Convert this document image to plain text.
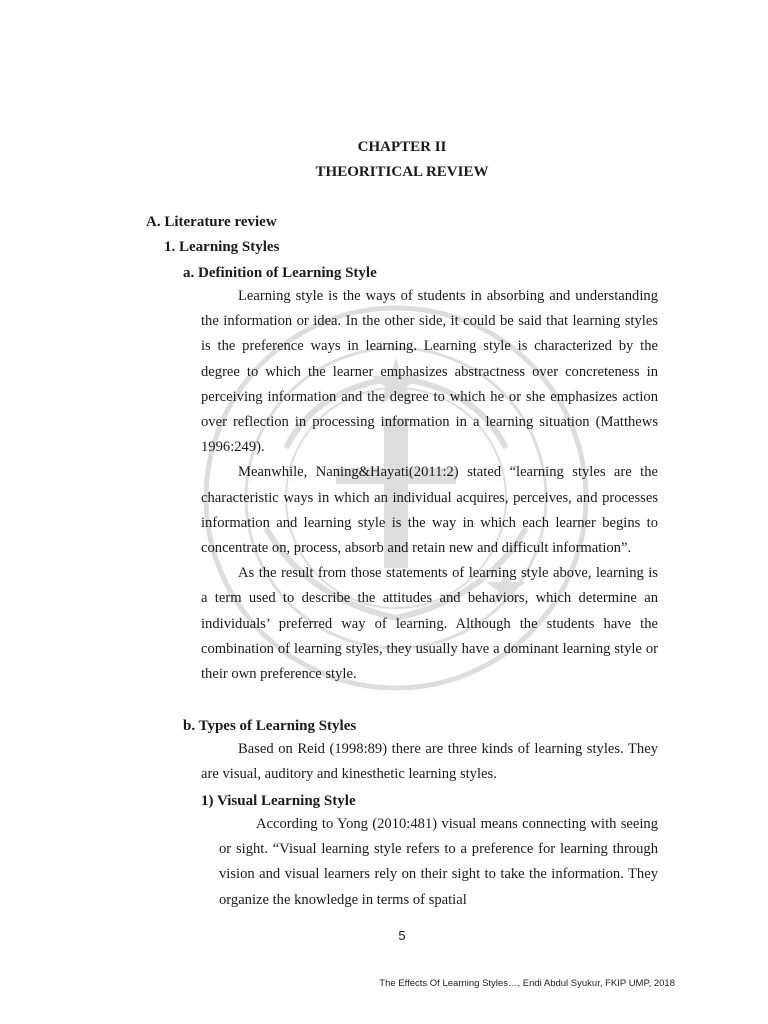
CHAPTER II
THEORITICAL REVIEW
A. Literature review
1. Learning Styles
a. Definition of Learning Style

Learning style is the ways of students in absorbing and understanding the information or idea. In the other side, it could be said that learning styles is the preference ways in learning. Learning style is characterized by the degree to which the learner emphasizes abstractness over concreteness in perceiving information and the degree to which he or she emphasizes action over reflection in processing information in a learning situation (Matthews 1996:249).

Meanwhile, Naning&Hayati(2011:2) stated “learning styles are the characteristic ways in which an individual acquires, perceives, and processes information and learning style is the way in which each learner begins to concentrate on, process, absorb and retain new and difficult information”.

As the result from those statements of learning style above, learning is a term used to describe the attitudes and behaviors, which determine an individuals’ preferred way of learning. Although the students have the combination of learning styles, they usually have a dominant learning style or their own preference style.

b. Types of Learning Styles

Based on Reid (1998:89) there are three kinds of learning styles. They are visual, auditory and kinesthetic learning styles.

1) Visual Learning Style

According to Yong (2010:481) visual means connecting with seeing or sight. “Visual learning style refers to a preference for learning through vision and visual learners rely on their sight to take the information. They organize the knowledge in terms of spatial

5
The Effects Of Learning Styles…, Endi Abdul Syukur, FKIP UMP, 2018
